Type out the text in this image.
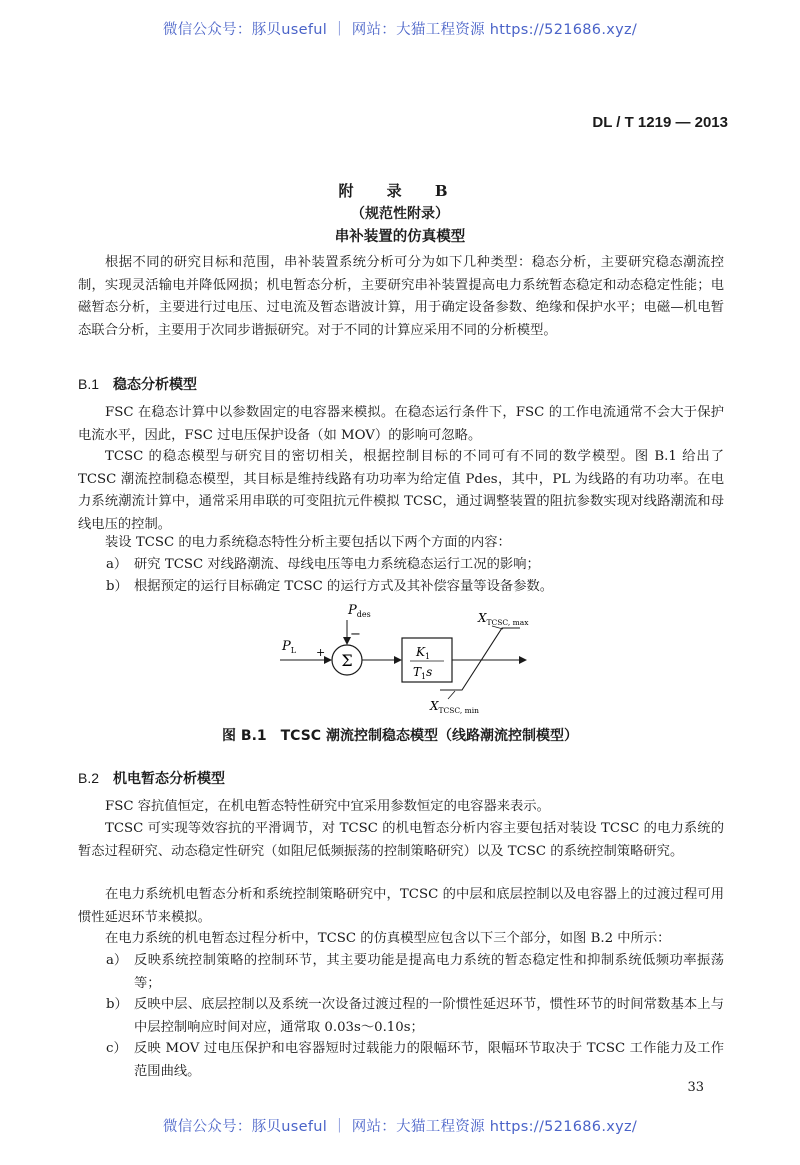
微信公众号：豚贝useful ｜ 网站：大猫工程资源 https://521686.xyz/
DL / T 1219 — 2013
附 录 B
（规范性附录）
串补装置的仿真模型

根据不同的研究目标和范围，串补装置系统分析可分为如下几种类型：稳态分析，主要研究稳态潮流控制，实现灵活输电并降低网损；机电暂态分析，主要研究串补装置提高电力系统暂态稳定和动态稳定性能；电磁暂态分析，主要进行过电压、过电流及暂态谐波计算，用于确定设备参数、绝缘和保护水平；电磁—机电暂态联合分析，主要用于次同步谐振研究。对于不同的计算应采用不同的分析模型。

B.1 稳态分析模型

FSC 在稳态计算中以参数固定的电容器来模拟。在稳态运行条件下，FSC 的工作电流通常不会大于保护电流水平，因此，FSC 过电压保护设备（如 MOV）的影响可忽略。

TCSC 的稳态模型与研究目的密切相关，根据控制目标的不同可有不同的数学模型。图 B.1 给出了 TCSC 潮流控制稳态模型，其目标是维持线路有功功率为给定值 Pdes，其中，PL 为线路的有功功率。在电力系统潮流计算中，通常采用串联的可变阻抗元件模拟 TCSC，通过调整装置的阻抗参数实现对线路潮流和母线电压的控制。

装设 TCSC 的电力系统稳态特性分析主要包括以下两个方面的内容：

a） 研究 TCSC 对线路潮流、母线电压等电力系统稳态运行工况的影响；
b） 根据预定的运行目标确定 TCSC 的运行方式及其补偿容量等设备参数。
$P_{des}$
−
$P_L + \Sigma$	$K_1$
$T_1s$
$X_{TCSC, max}$
$X_{TCSC, min}$
图 B.1　TCSC 潮流控制稳态模型（线路潮流控制模型）
B.2 机电暂态分析模型

FSC 容抗值恒定，在机电暂态特性研究中宜采用参数恒定的电容器来表示。

TCSC 可实现等效容抗的平滑调节，对 TCSC 的机电暂态分析内容主要包括对装设 TCSC 的电力系统的暂态过程研究、动态稳定性研究（如阻尼低频振荡的控制策略研究）以及 TCSC 的系统控制策略研究。

在电力系统机电暂态分析和系统控制策略研究中，TCSC 的中层和底层控制以及电容器上的过渡过程可用惯性延迟环节来模拟。

在电力系统的机电暂态过程分析中，TCSC 的仿真模型应包含以下三个部分，如图 B.2 中所示：

a） 反映系统控制策略的控制环节，其主要功能是提高电力系统的暂态稳定性和抑制系统低频功率振荡等；
b） 反映中层、底层控制以及系统一次设备过渡过程的一阶惯性延迟环节，惯性环节的时间常数基本上与中层控制响应时间对应，通常取 0.03s～0.10s；
c） 反映 MOV 过电压保护和电容器短时过载能力的限幅环节，限幅环节取决于 TCSC 工作能力及工作范围曲线。
33
微信公众号：豚贝useful ｜ 网站：大猫工程资源 https://521686.xyz/
